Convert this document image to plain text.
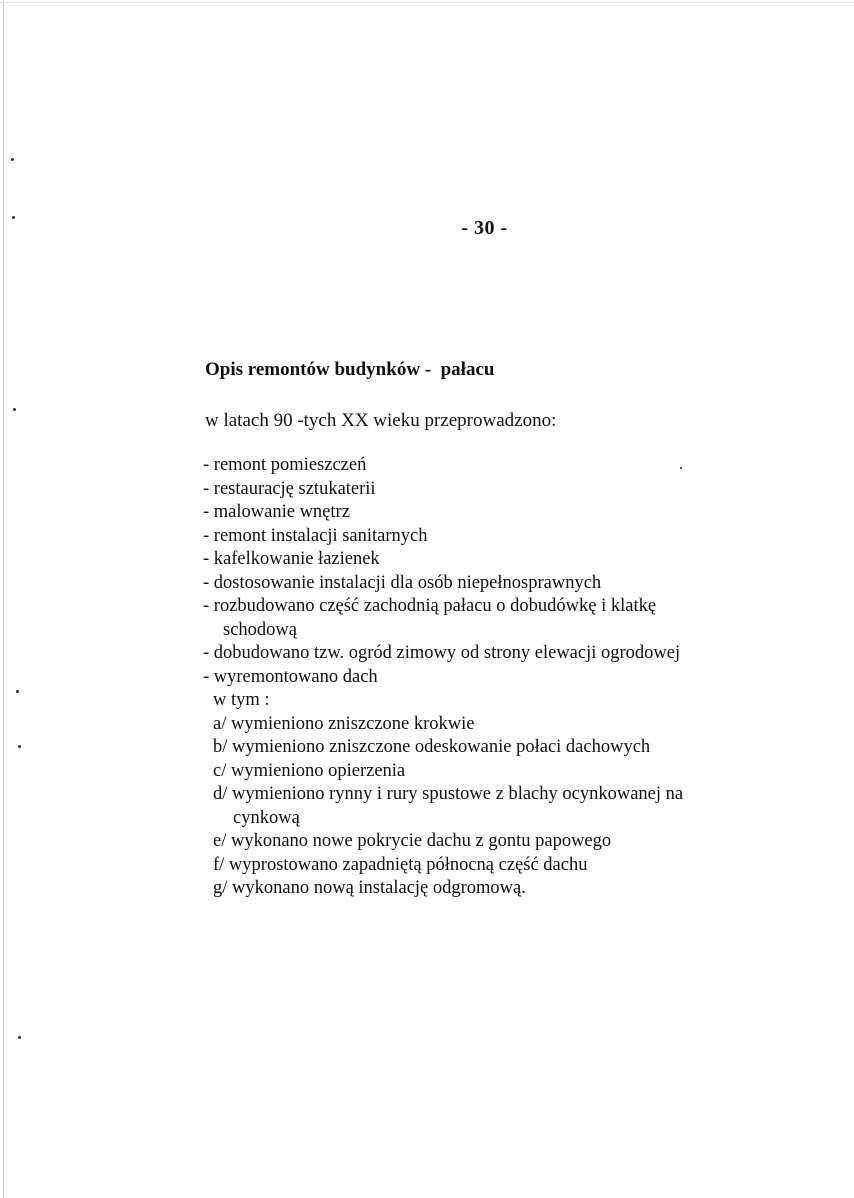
- 30 -
Opis remontów budynków -  pałacu
w latach 90 -tych XX wieku przeprowadzono:
- remont pomieszczeń
- restaurację sztukaterii
- malowanie wnętrz
- remont instalacji sanitarnych
- kafelkowanie łazienek
- dostosowanie instalacji dla osób niepełnosprawnych
- rozbudowano część zachodnią pałacu o dobudówkę i klatkę
schodową
- dobudowano tzw. ogród zimowy od strony elewacji ogrodowej
- wyremontowano dach
w tym :
a/ wymieniono zniszczone krokwie
b/ wymieniono zniszczone odeskowanie połaci dachowych
c/ wymieniono opierzenia
d/ wymieniono rynny i rury spustowe z blachy ocynkowanej na
cynkową
e/ wykonano nowe pokrycie dachu z gontu papowego
f/ wyprostowano zapadniętą północną część dachu
g/ wykonano nową instalację odgromową.
